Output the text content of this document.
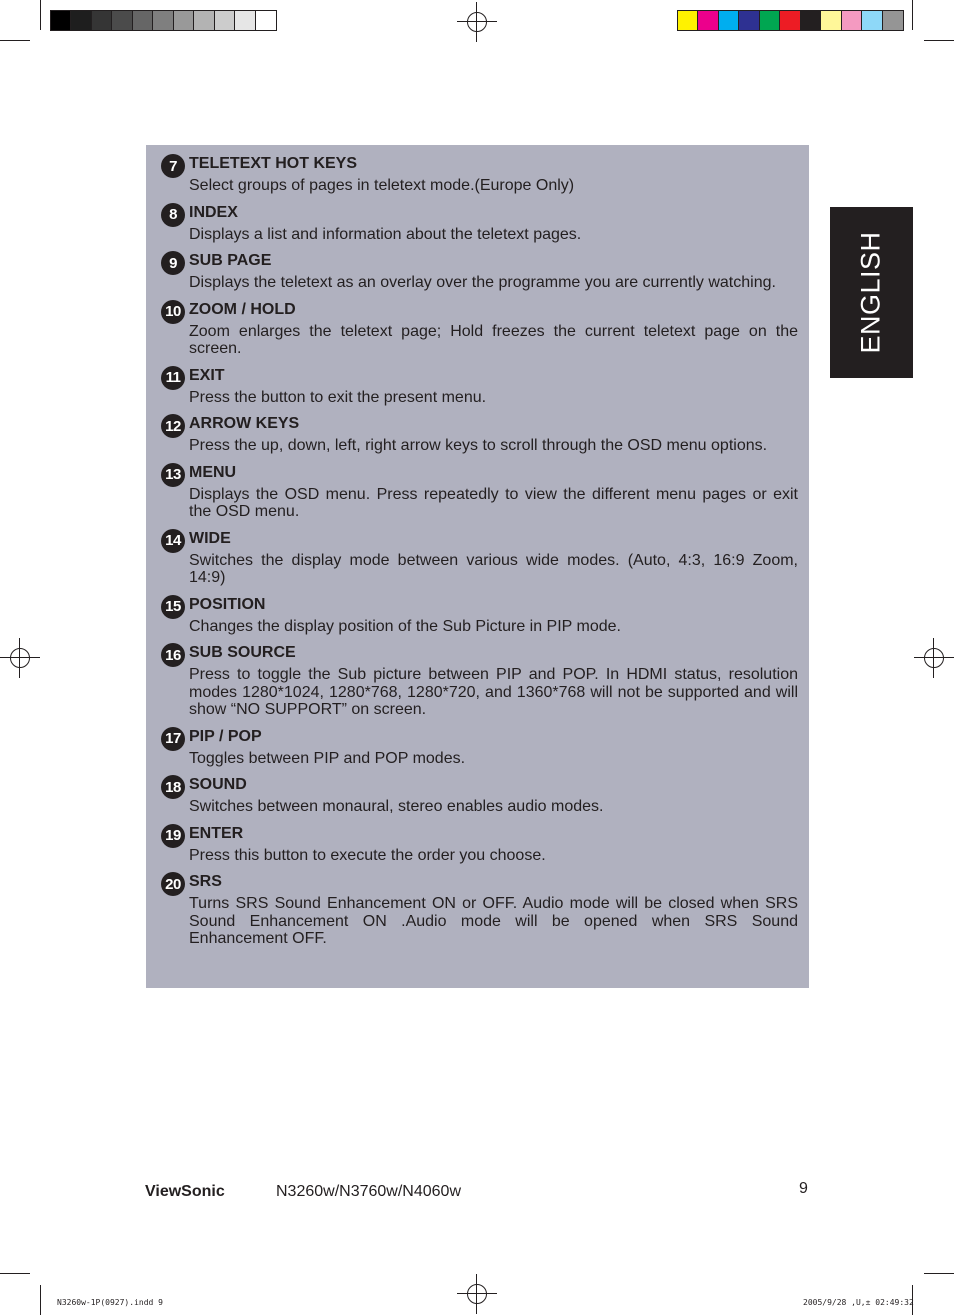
7 TELETEXT HOT KEYS
Select groups of pages in teletext mode.(Europe Only)
8 INDEX
Displays a list and information about the teletext pages.
9 SUB PAGE
Displays the teletext as an overlay over the programme you are currently watching.
10 ZOOM / HOLD
Zoom enlarges the teletext page; Hold freezes the current teletext page on the screen.
11 EXIT
Press the button to exit the present menu.
12 ARROW KEYS
Press the up, down, left, right arrow keys to scroll through the OSD menu options.
13 MENU
Displays the OSD menu. Press repeatedly to view the different menu pages or exit the OSD menu.
14 WIDE
Switches the display mode between various wide modes. (Auto, 4:3, 16:9 Zoom, 14:9)
15 POSITION
Changes the display position of the Sub Picture in PIP mode.
16 SUB SOURCE
Press to toggle the Sub picture between PIP and POP. In HDMI status, resolution modes 1280*1024, 1280*768, 1280*720, and 1360*768 will not be supported and will show “NO SUPPORT” on screen.
17 PIP / POP
Toggles between PIP and POP modes.
18 SOUND
Switches between monaural, stereo enables audio modes.
19 ENTER
Press this button to execute the order you choose.
20 SRS
Turns SRS Sound Enhancement ON or OFF. Audio mode will be closed when SRS Sound Enhancement ON .Audio mode will be opened when SRS Sound Enhancement OFF.
ENGLISH
ViewSonic	N3260w/N3760w/N4060w	9
N3260w-1P(0927).indd 9	2005/9/28 ,U,± 02:49:32
